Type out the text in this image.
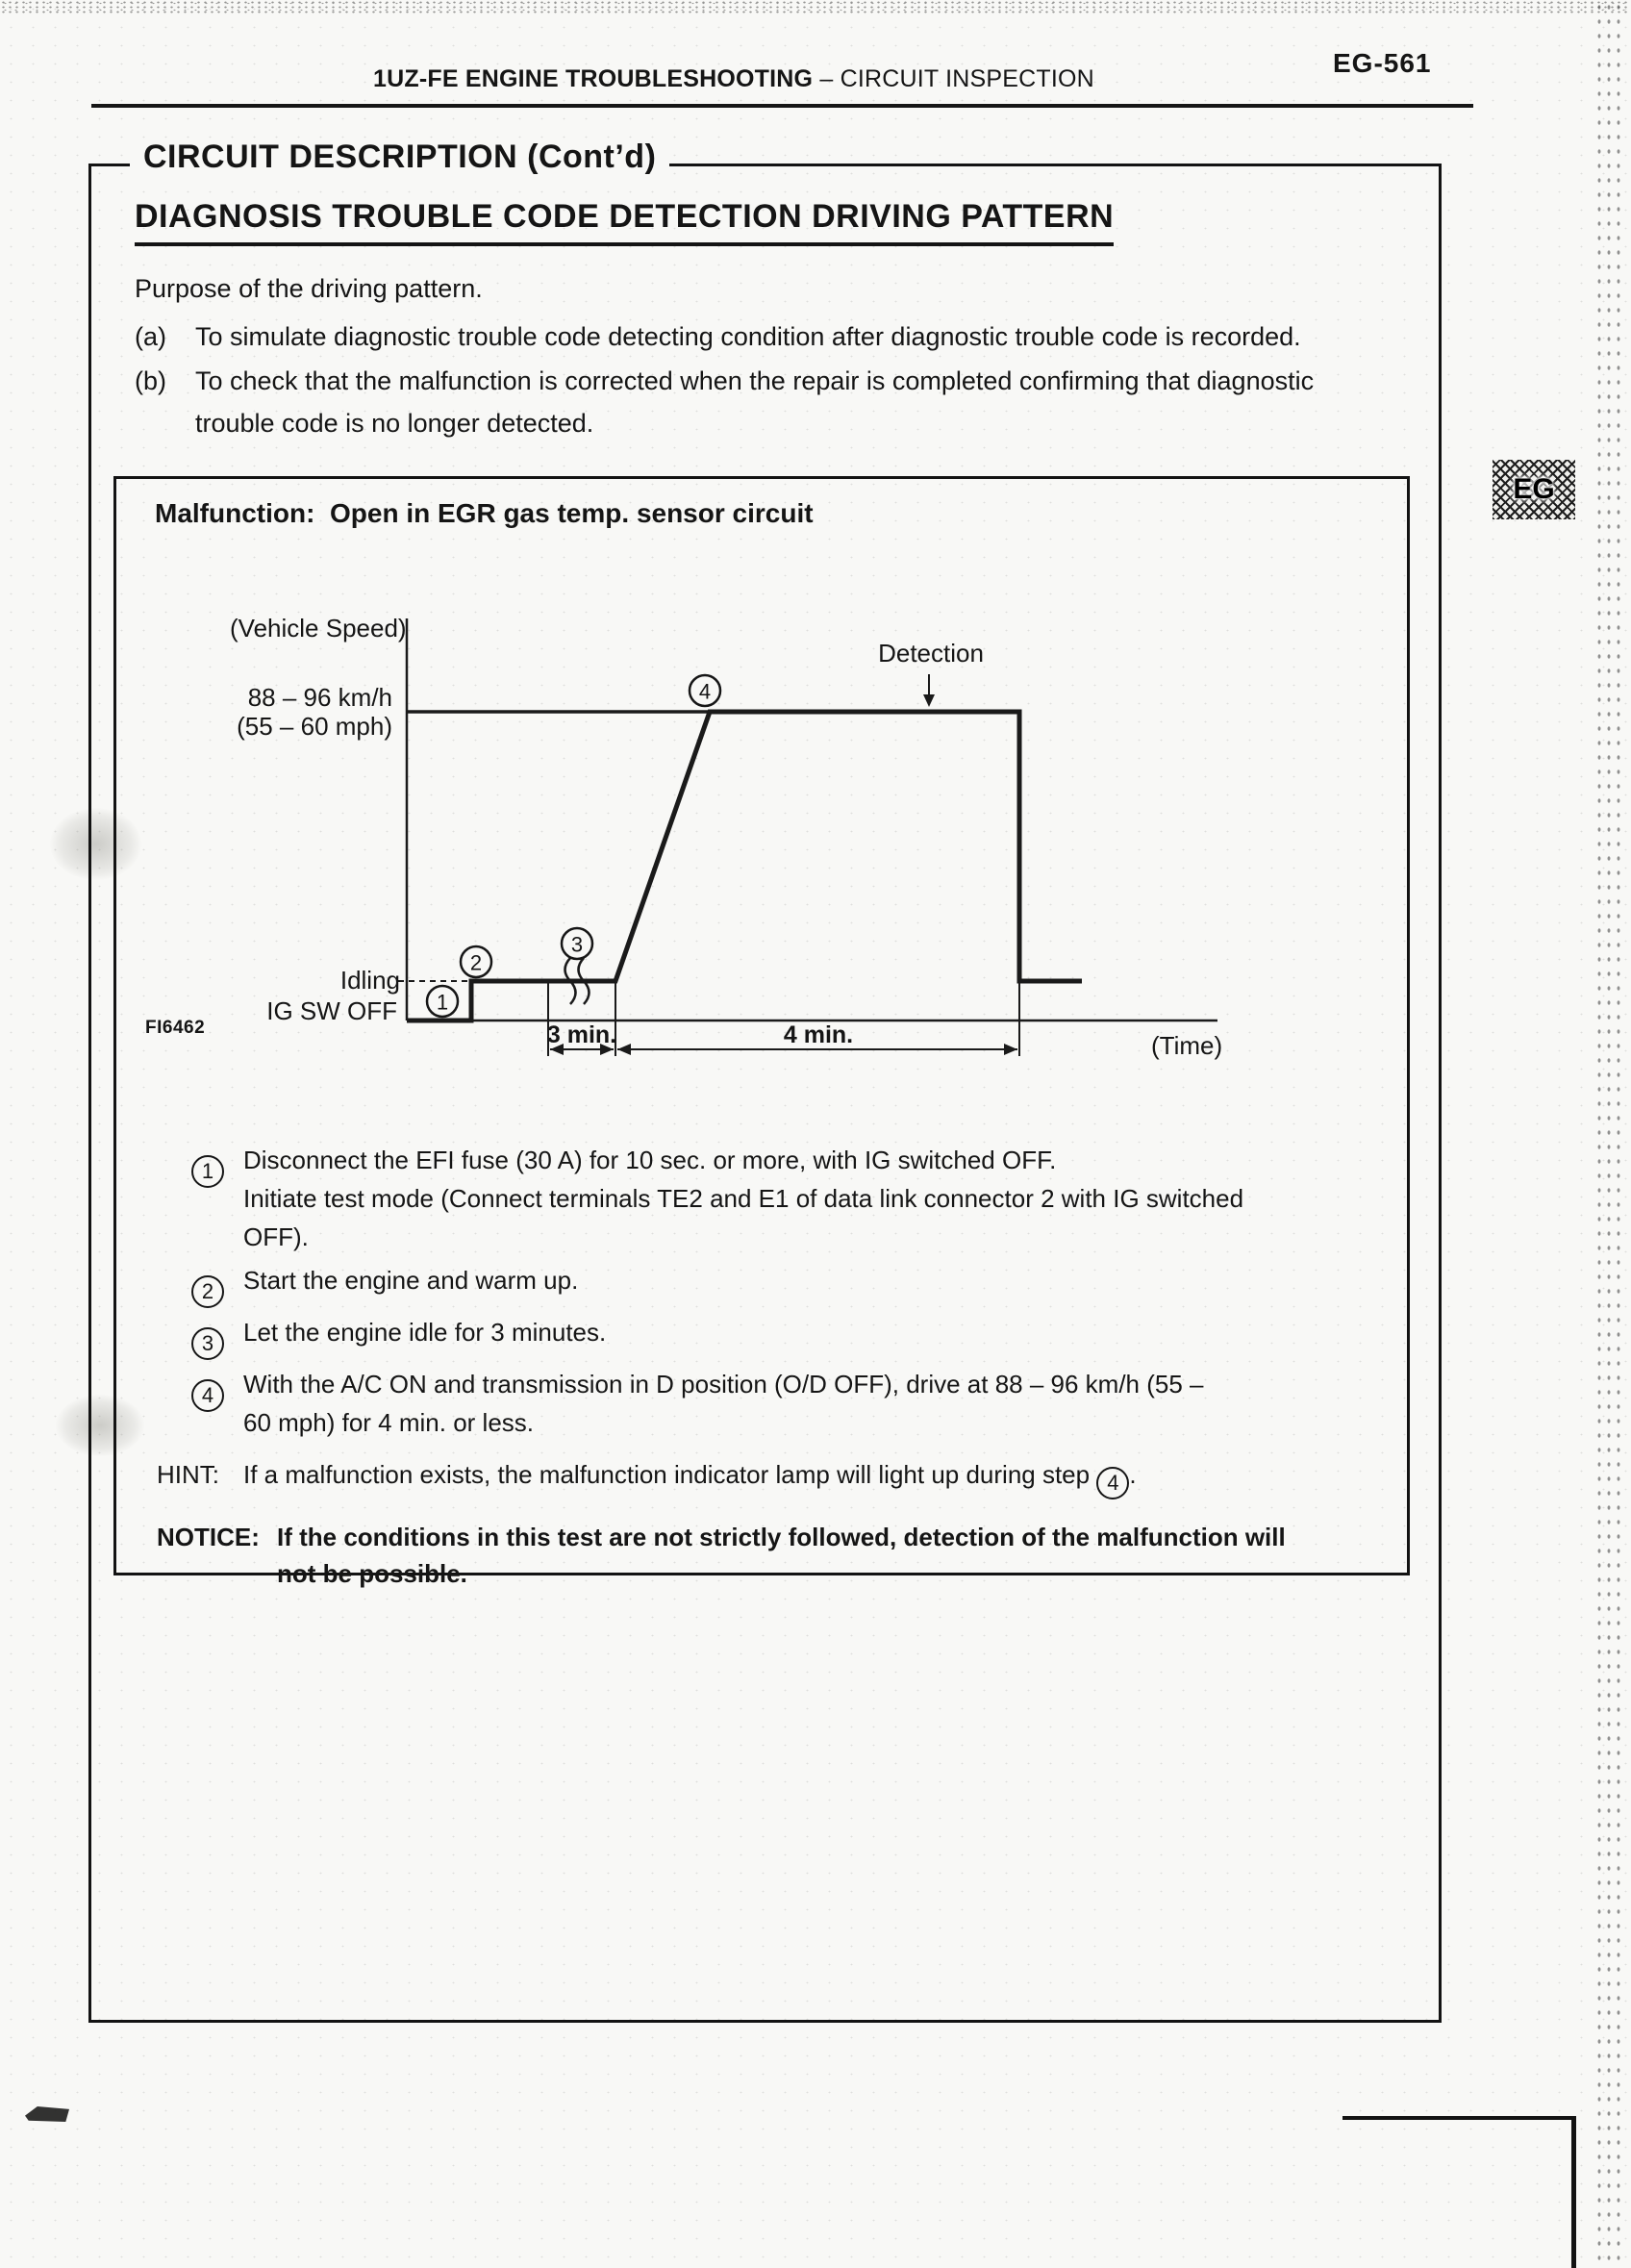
1UZ-FE ENGINE TROUBLESHOOTING – CIRCUIT INSPECTION
EG-561
EG
CIRCUIT DESCRIPTION (Cont’d)
DIAGNOSIS TROUBLE CODE DETECTION DRIVING PATTERN
Purpose of the driving pattern.
(a)	To simulate diagnostic trouble code detecting condition after diagnostic trouble code is recorded.
(b)	To check that the malfunction is corrected when the repair is completed confirming that diagnostic
trouble code is no longer detected.
Malfunction: Open in EGR gas temp. sensor circuit
1
2
3
4
(Vehicle Speed)
88 – 96 km/h
(55 – 60 mph)
Idling
IG SW OFF
Detection
(Time)
3 min.	4 min.
FI6462
1	Disconnect the EFI fuse (30 A) for 10 sec. or more, with IG switched OFF.
Initiate test mode (Connect terminals TE2 and E1 of data link connector 2 with IG switched
OFF).
2	Start the engine and warm up.
3	Let the engine idle for 3 minutes.
4	With the A/C ON and transmission in D position (O/D OFF), drive at 88 – 96 km/h (55 –
60 mph) for 4 min. or less.
HINT: If a malfunction exists, the malfunction indicator lamp will light up during step 4 .
NOTICE: If the conditions in this test are not strictly followed, detection of the malfunction will
not be possible.
